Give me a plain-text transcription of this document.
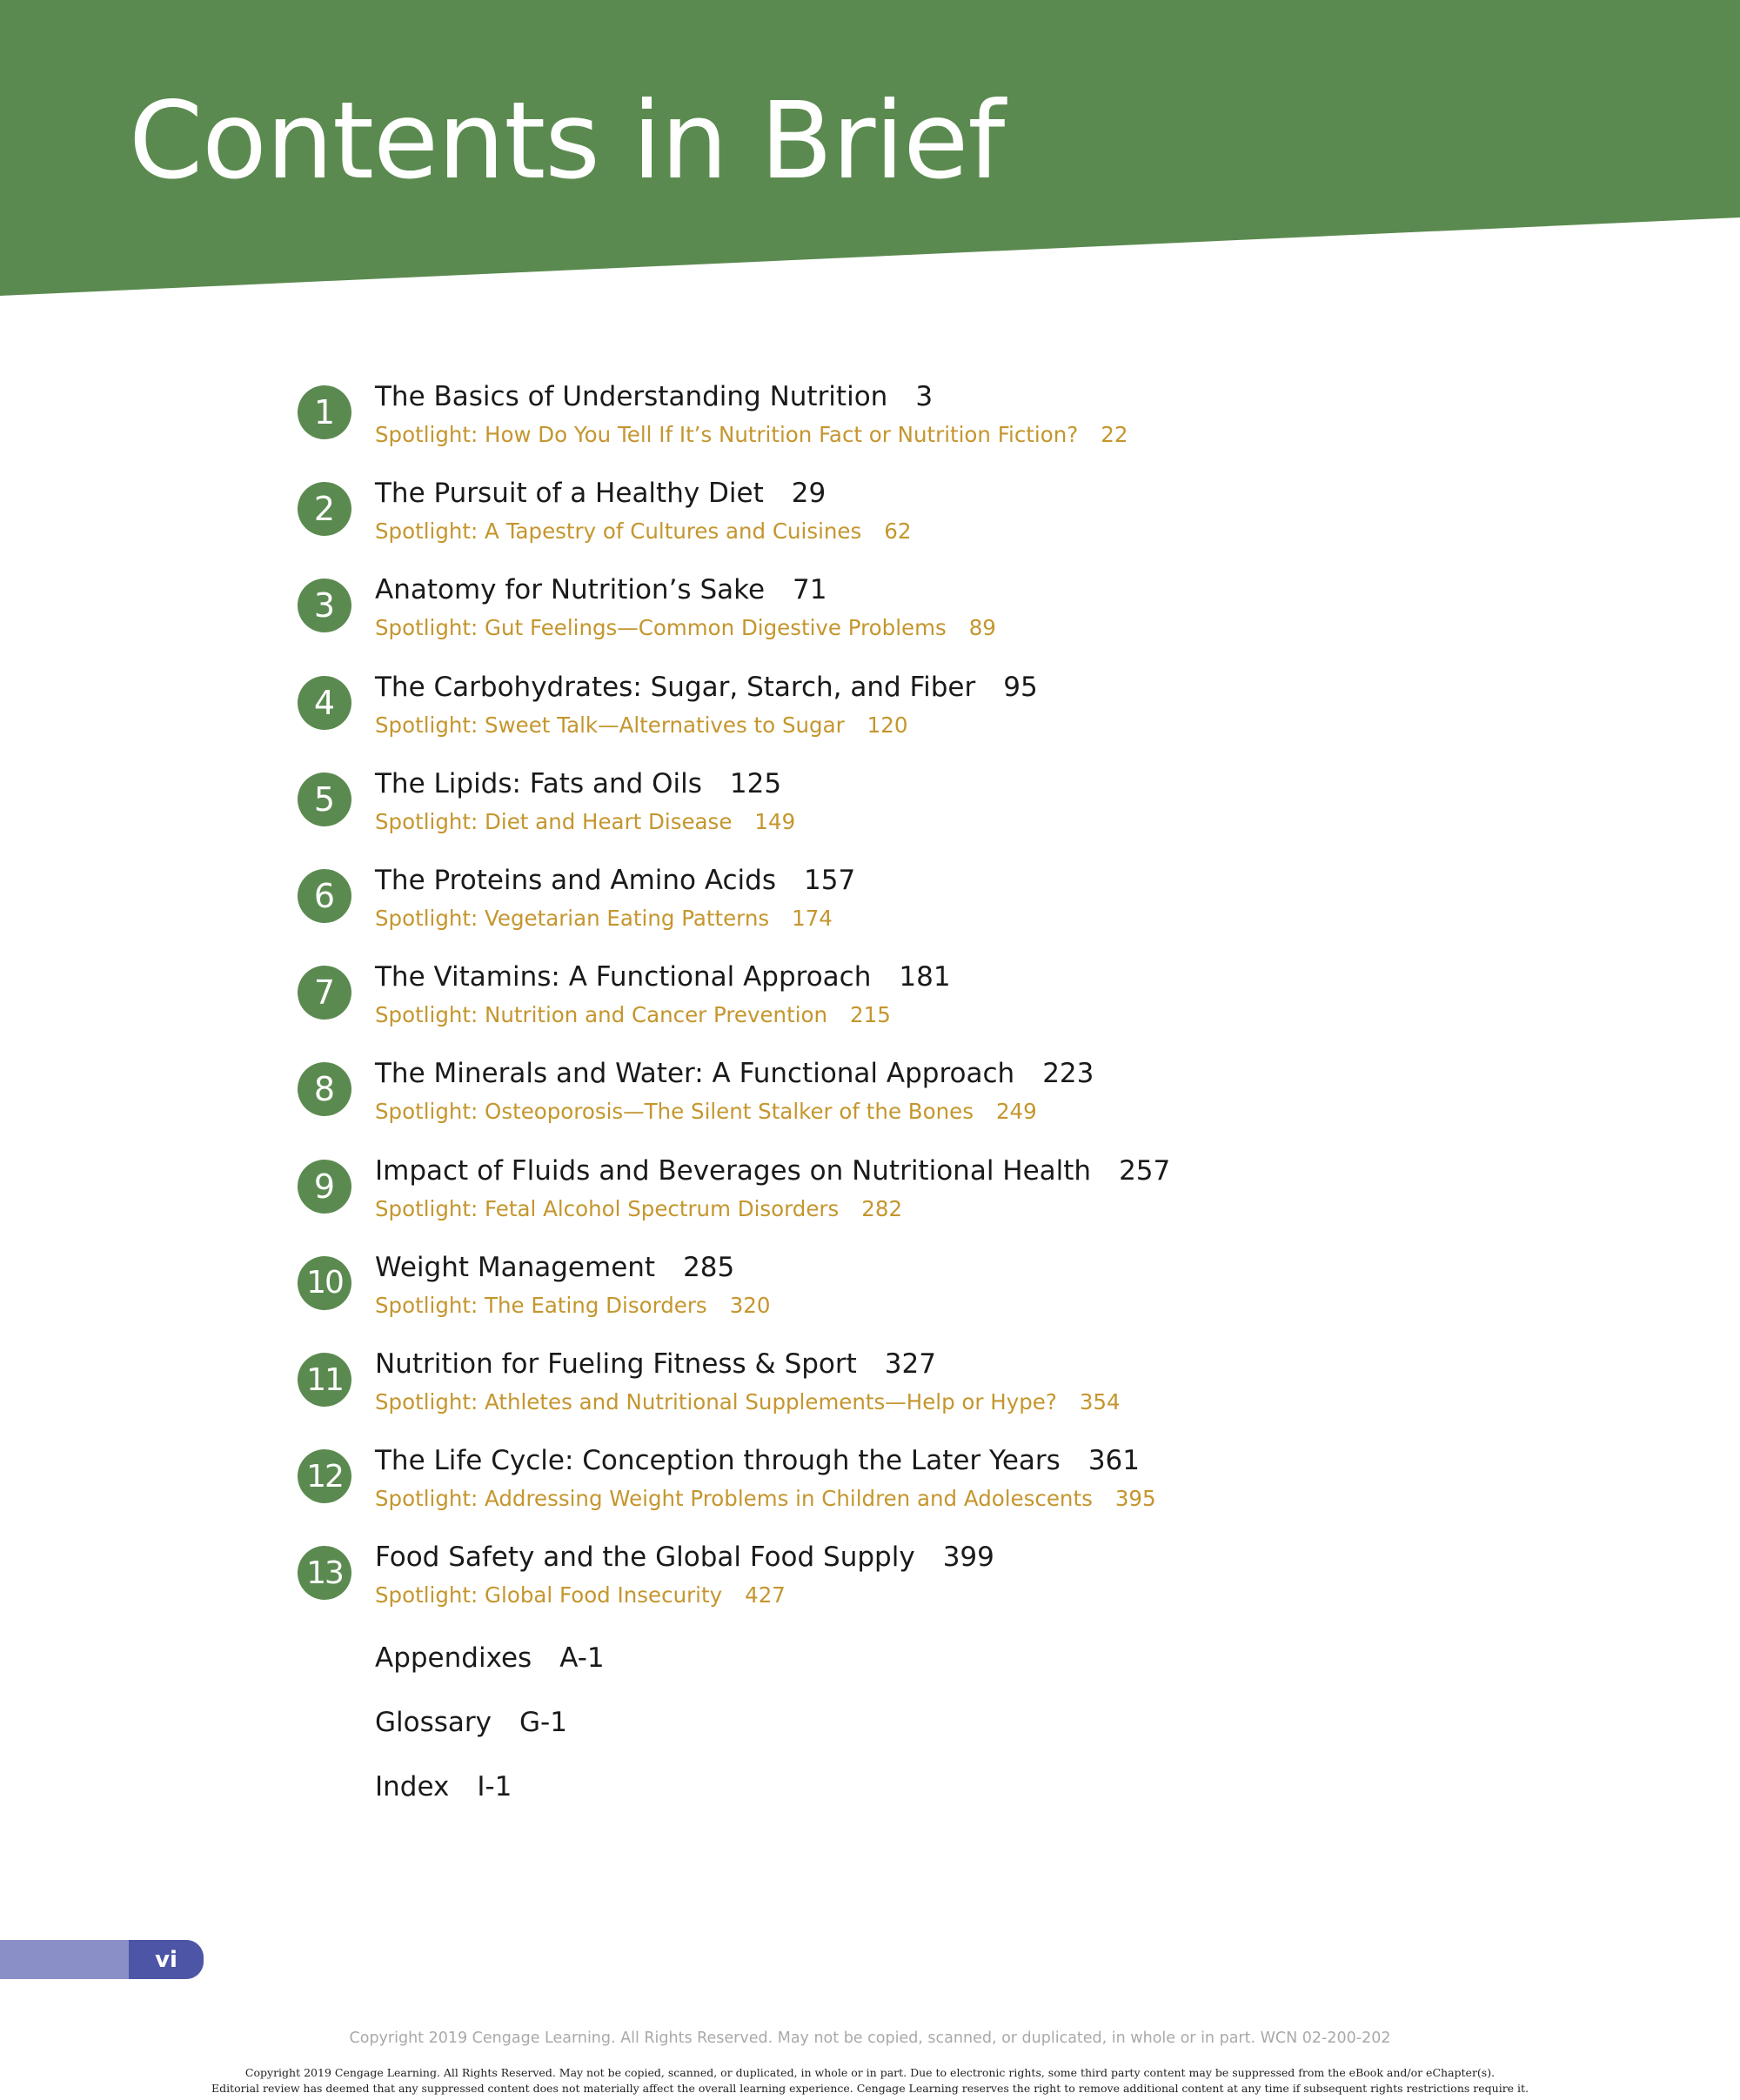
Contents in Brief
1	The Basics of Understanding Nutrition 3
Spotlight: How Do You Tell If It’s Nutrition Fact or Nutrition Fiction? 22
2	The Pursuit of a Healthy Diet 29
Spotlight: A Tapestry of Cultures and Cuisines 62
3	Anatomy for Nutrition’s Sake 71
Spotlight: Gut Feelings—Common Digestive Problems 89
4	The Carbohydrates: Sugar, Starch, and Fiber 95
Spotlight: Sweet Talk—Alternatives to Sugar 120
5	The Lipids: Fats and Oils 125
Spotlight: Diet and Heart Disease 149
6	The Proteins and Amino Acids 157
Spotlight: Vegetarian Eating Patterns 174
7	The Vitamins: A Functional Approach 181
Spotlight: Nutrition and Cancer Prevention 215
8	The Minerals and Water: A Functional Approach 223
Spotlight: Osteoporosis—The Silent Stalker of the Bones 249
9	Impact of Fluids and Beverages on Nutritional Health 257
Spotlight: Fetal Alcohol Spectrum Disorders 282
10	Weight Management 285
Spotlight: The Eating Disorders 320
11	Nutrition for Fueling Fitness & Sport 327
Spotlight: Athletes and Nutritional Supplements—Help or Hype? 354
12	The Life Cycle: Conception through the Later Years 361
Spotlight: Addressing Weight Problems in Children and Adolescents 395
13	Food Safety and the Global Food Supply 399
Spotlight: Global Food Insecurity 427
Appendixes A-1
Glossary G-1
Index I-1
vi
Copyright 2019 Cengage Learning. All Rights Reserved. May not be copied, scanned, or duplicated, in whole or in part. WCN 02-200-202
Copyright 2019 Cengage Learning. All Rights Reserved. May not be copied, scanned, or duplicated, in whole or in part. Due to electronic rights, some third party content may be suppressed from the eBook and/or eChapter(s).
Editorial review has deemed that any suppressed content does not materially affect the overall learning experience. Cengage Learning reserves the right to remove additional content at any time if subsequent rights restrictions require it.
